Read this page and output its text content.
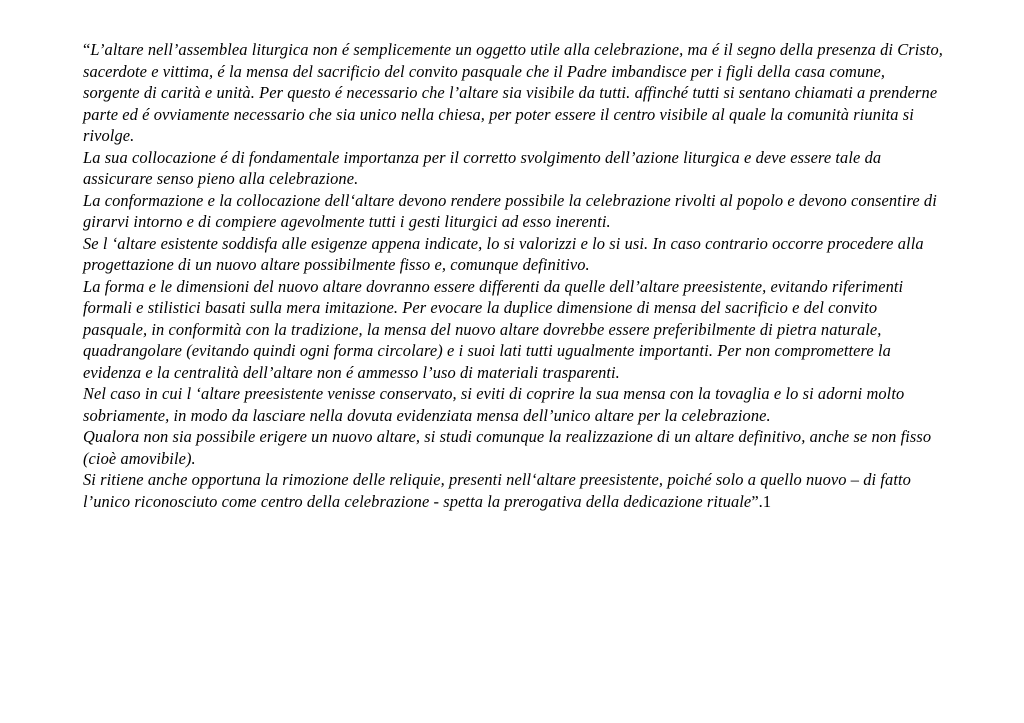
“L’altare nell’assemblea liturgica non é semplicemente un oggetto utile alla celebrazione, ma é il segno della presenza di Cristo, sacerdote e vittima, é la mensa del sacrificio del convito pasquale che il Padre imbandisce per i figli della casa comune, sorgente di carità e unità. Per questo é necessario che l’altare sia visibile da tutti. affinché tutti si sentano chiamati a prenderne parte ed é ovviamente necessario che sia unico nella chiesa, per poter essere il centro visibile al quale la comunità riunita si rivolge.

La sua collocazione é di fondamentale importanza per il corretto svolgimento dell’azione liturgica e deve essere tale da assicurare senso pieno alla celebrazione.

La conformazione e la collocazione dell‘altare devono rendere possibile la celebrazione rivolti al popolo e devono consentire di girarvi intorno e di compiere agevolmente tutti i gesti liturgici ad esso inerenti.

Se l ‘altare esistente soddisfa alle esigenze appena indicate, lo si valorizzi e lo si usi. In caso contrario occorre procedere alla progettazione di un nuovo altare possibilmente fisso e, comunque definitivo.

La forma e le dimensioni del nuovo altare dovranno essere differenti da quelle dell’altare preesistente, evitando riferimenti formali e stilistici basati sulla mera imitazione. Per evocare la duplice dimensione di mensa del sacrificio e del convito pasquale, in conformità con la tradizione, la mensa del nuovo altare dovrebbe essere preferibilmente di pietra naturale, quadrangolare (evitando quindi ogni forma circolare) e i suoi lati tutti ugualmente importanti. Per non compromettere la evidenza e la centralità dell’altare non é ammesso l’uso di materiali trasparenti.

Nel caso in cui l ‘altare preesistente venisse conservato, si eviti di coprire la sua mensa con la tovaglia e lo si adorni molto sobriamente, in modo da lasciare nella dovuta evidenziata mensa dell’unico altare per la celebrazione.

Qualora non sia possibile erigere un nuovo altare, si studi comunque la realizzazione di un altare definitivo, anche se non fisso (cioè amovibile).

Si ritiene anche opportuna la rimozione delle reliquie, presenti nell‘altare preesistente, poiché solo a quello nuovo – di fatto l’unico riconosciuto come centro della celebrazione - spetta la prerogativa della dedicazione rituale”.1
